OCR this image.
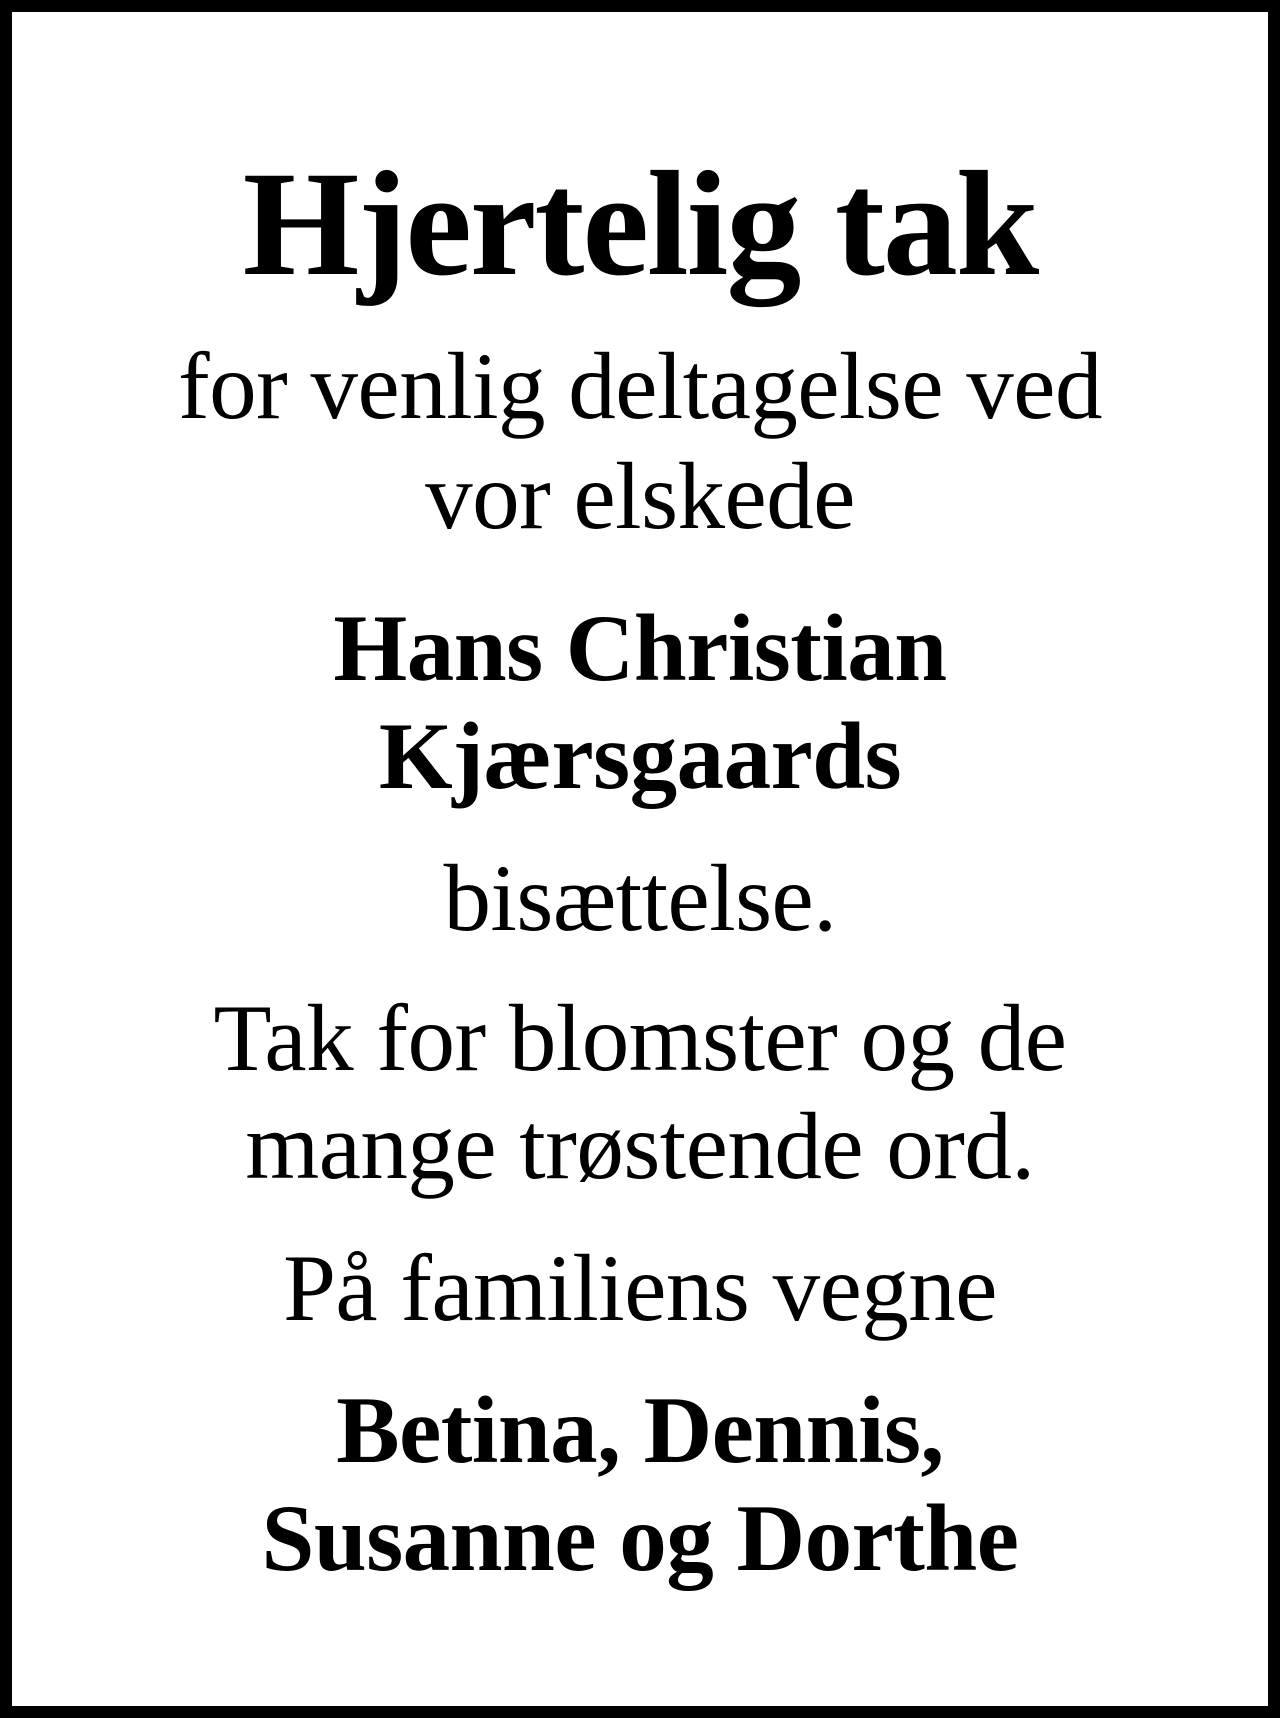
Hjertelig tak

for venlig deltagelse ved

vor elskede

Hans Christian

Kjærsgaards

bisættelse.

Tak for blomster og de

mange trøstende ord.

På familiens vegne

Betina, Dennis,

Susanne og Dorthe
